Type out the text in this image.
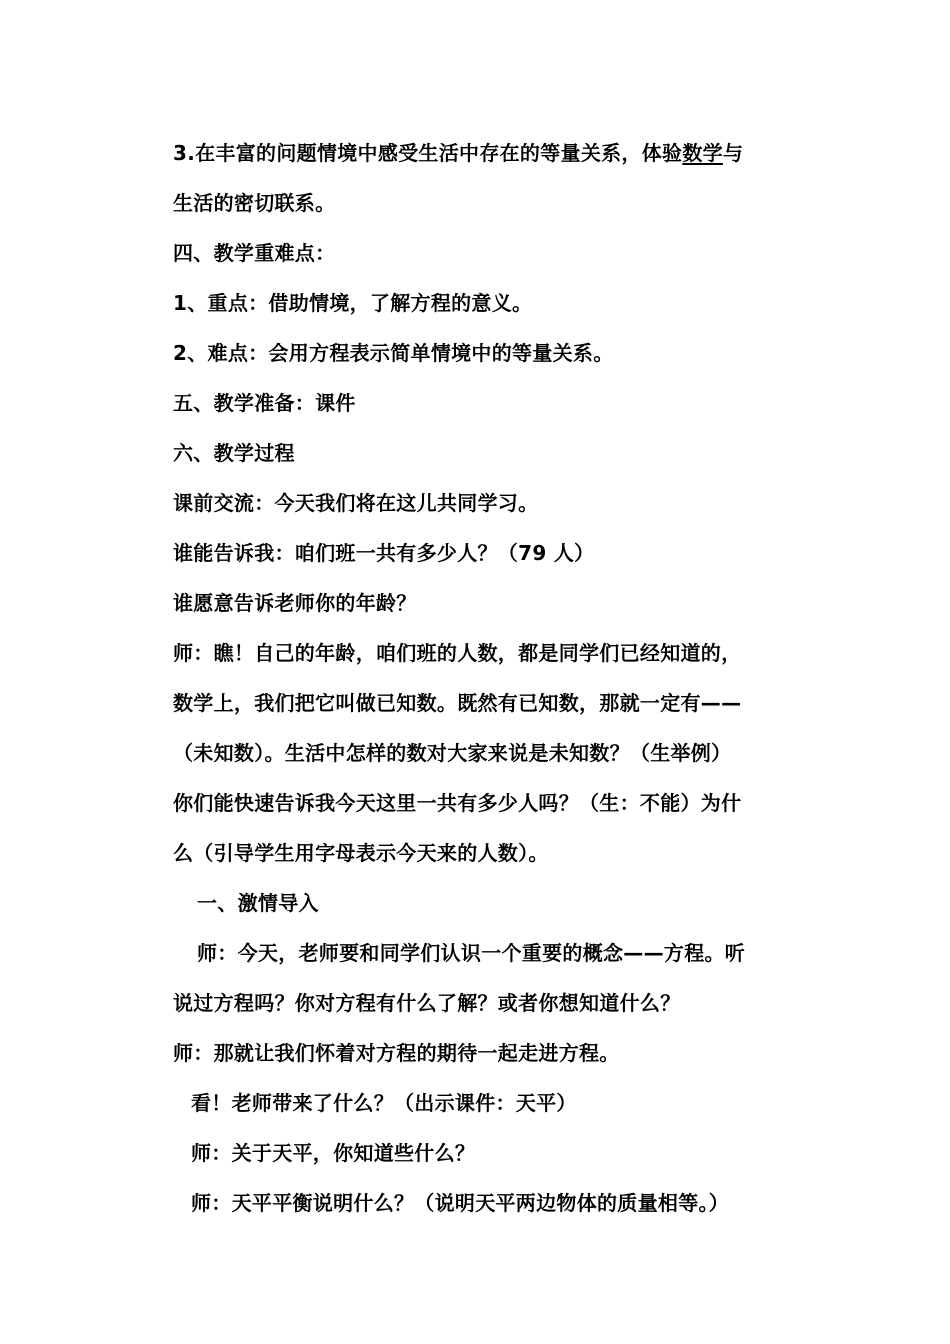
3.在丰富的问题情境中感受生活中存在的等量关系，体验数学与
生活的密切联系。
四、教学重难点：
1、重点：借助情境，了解方程的意义。
2、难点：会用方程表示简单情境中的等量关系。
五、教学准备：课件
六、教学过程
课前交流：今天我们将在这儿共同学习。
谁能告诉我：咱们班一共有多少人？（79 人）
谁愿意告诉老师你的年龄？
师：瞧！自己的年龄，咱们班的人数，都是同学们已经知道的，
数学上，我们把它叫做已知数。既然有已知数，那就一定有——
（未知数）。生活中怎样的数对大家来说是未知数？（生举例）
你们能快速告诉我今天这里一共有多少人吗？（生：不能）为什
么（引导学生用字母表示今天来的人数）。
一、激情导入
师：今天，老师要和同学们认识一个重要的概念——方程。听
说过方程吗？你对方程有什么了解？或者你想知道什么？
师：那就让我们怀着对方程的期待一起走进方程。
看！老师带来了什么？（出示课件：天平）
师：关于天平，你知道些什么？
师：天平平衡说明什么？（说明天平两边物体的质量相等。）
